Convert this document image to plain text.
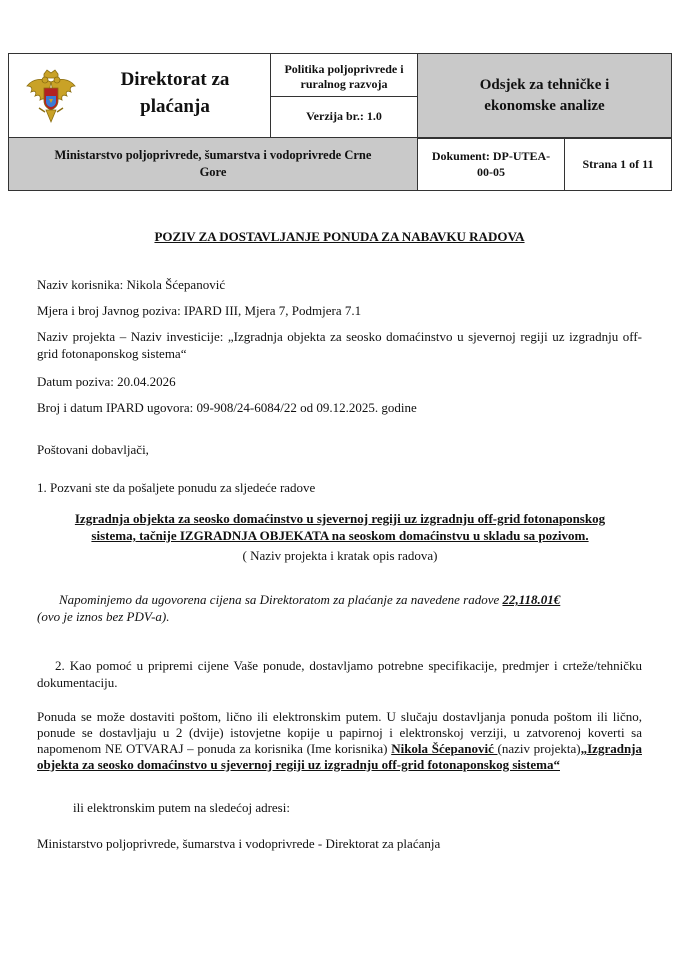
Direktorat za
plaćanja

Politika poljoprivrede i
ruralnog razvoja
Verzija br.: 1.0

Odsjek za tehničke i
ekonomske analize
Ministarstvo poljoprivrede, šumarstva i vodoprivrede Crne
Gore

Dokument: DP-UTEA-
00-05
	Strana 1 of 11
POZIV ZA DOSTAVLJANJE PONUDA ZA NABAVKU RADOVA
Naziv korisnika: Nikola Šćepanović
Mjera i broj Javnog poziva: IPARD III, Mjera 7, Podmjera 7.1
Naziv projekta – Naziv investicije: „Izgradnja objekta za seosko domaćinstvo u sjevernoj regiji uz izgradnju off-grid fotonaponskog sistema“
Datum poziva: 20.04.2026
Broj i datum IPARD ugovora: 09-908/24-6084/22 od 09.12.2025. godine
Poštovani dobavljači,
1. Pozvani ste da pošaljete ponudu za sljedeće radove
Izgradnja objekta za seosko domaćinstvo u sjevernoj regiji uz izgradnju off-grid fotonaponskog
sistema, tačnije IZGRADNJA OBJEKATA na seoskom domaćinstvu u skladu sa pozivom.
( Naziv projekta i kratak opis radova)
Napominjemo da ugovorena cijena sa Direktoratom za plaćanje za navedene radove 22,118.01€
(ovo je iznos bez PDV-a).
2. Kao pomoć u pripremi cijene Vaše ponude, dostavljamo potrebne specifikacije, predmjer i crteže/tehničku dokumentaciju.
Ponuda se može dostaviti poštom, lično ili elektronskim putem. U slučaju dostavljanja ponuda poštom ili lično, ponude se dostavljaju u 2 (dvije) istovjetne kopije u papirnoj i elektronskoj verziji, u zatvorenoj koverti sa napomenom NE OTVARAJ – ponuda za korisnika (Ime korisnika) Nikola Šćepanović (naziv projekta)„Izgradnja objekta za seosko domaćinstvo u sjevernoj regiji uz izgradnju off-grid fotonaponskog sistema“
ili elektronskim putem na sledećoj adresi:
Ministarstvo poljoprivrede, šumarstva i vodoprivrede - Direktorat za plaćanja
